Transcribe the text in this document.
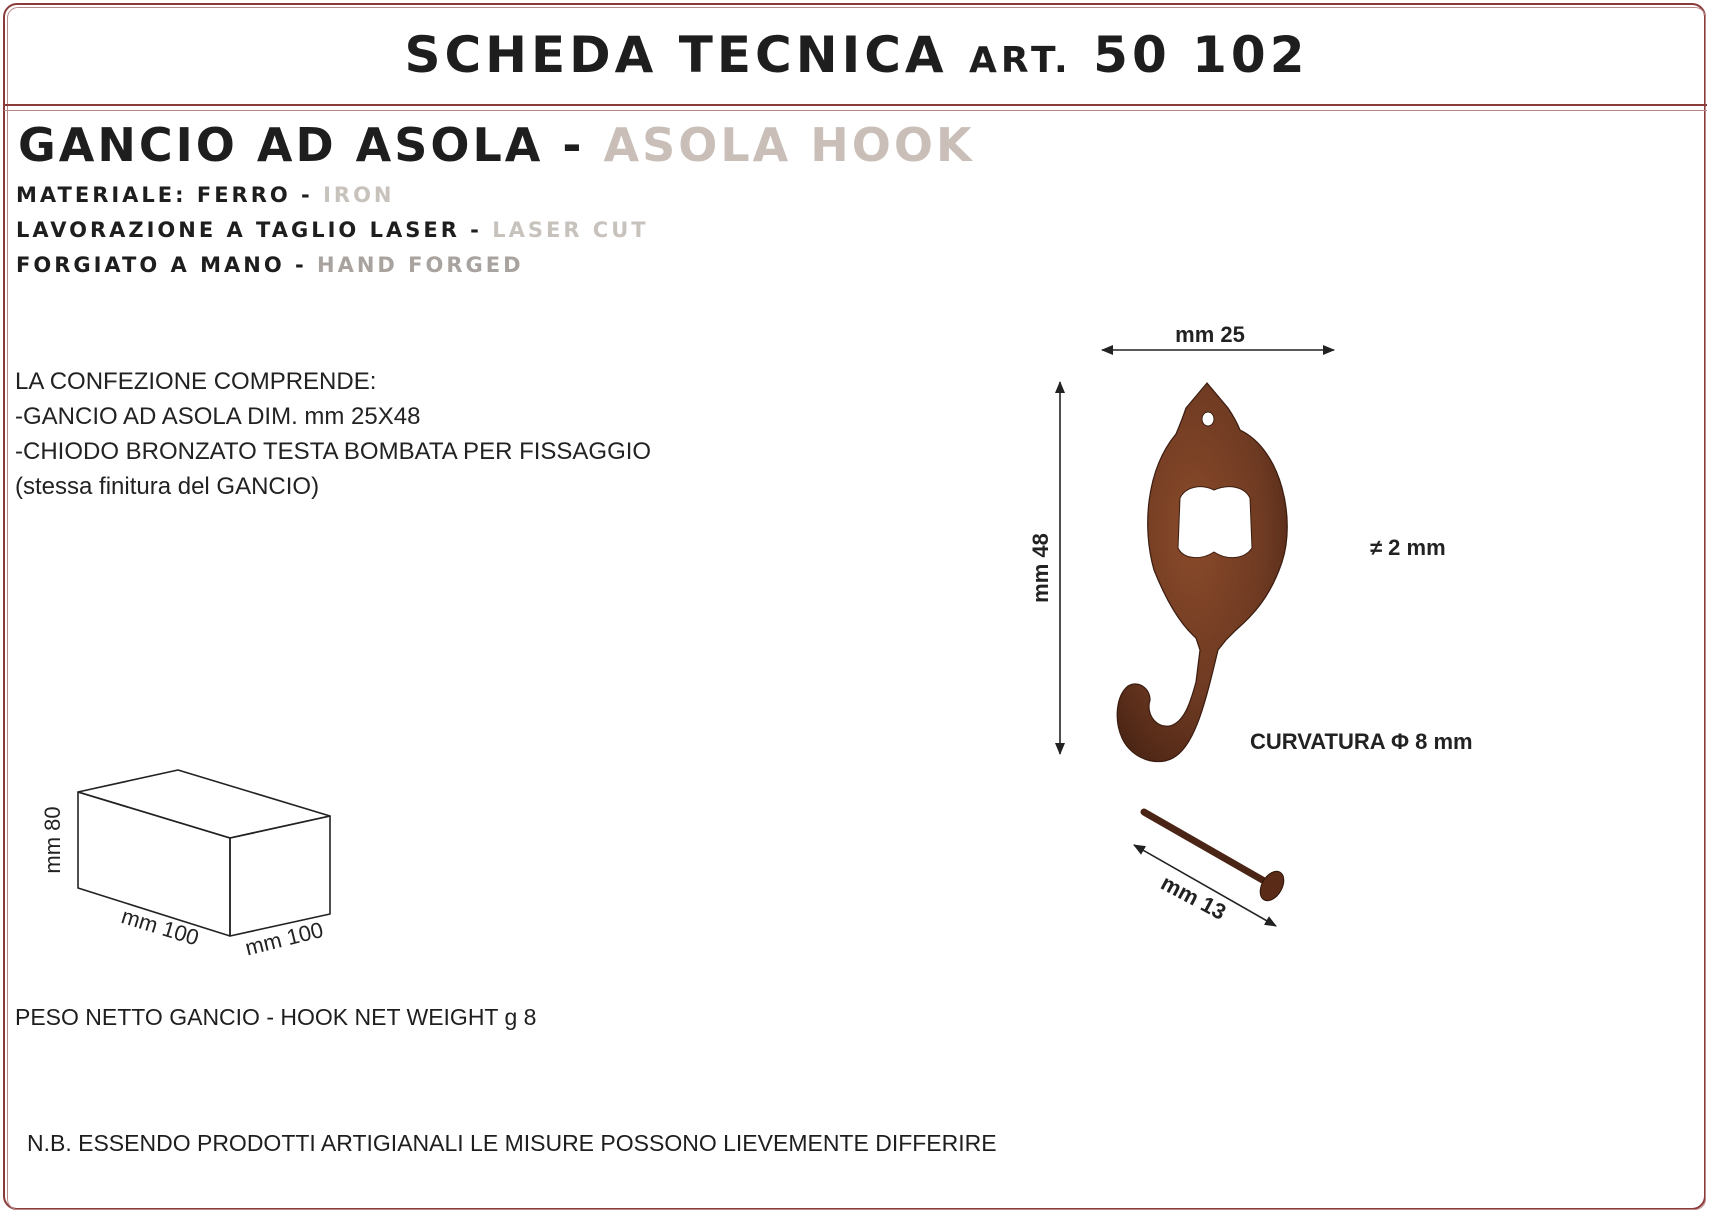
SCHEDA TECNICA ART. 50 102
GANCIO AD ASOLA - ASOLA HOOK
MATERIALE: FERRO - IRON
LAVORAZIONE A TAGLIO LASER - LASER CUT
FORGIATO A MANO - HAND FORGED
LA CONFEZIONE COMPRENDE:
-GANCIO AD ASOLA DIM. mm 25X48
-CHIODO BRONZATO TESTA BOMBATA PER FISSAGGIO
(stessa finitura del GANCIO)
mm 80
mm 100 mm 100
mm 25
mm 48	≠ 2 mm
CURVATURA Φ 8 mm
mm 13
PESO NETTO GANCIO - HOOK NET WEIGHT g 8
N.B. ESSENDO PRODOTTI ARTIGIANALI LE MISURE POSSONO LIEVEMENTE DIFFERIRE
